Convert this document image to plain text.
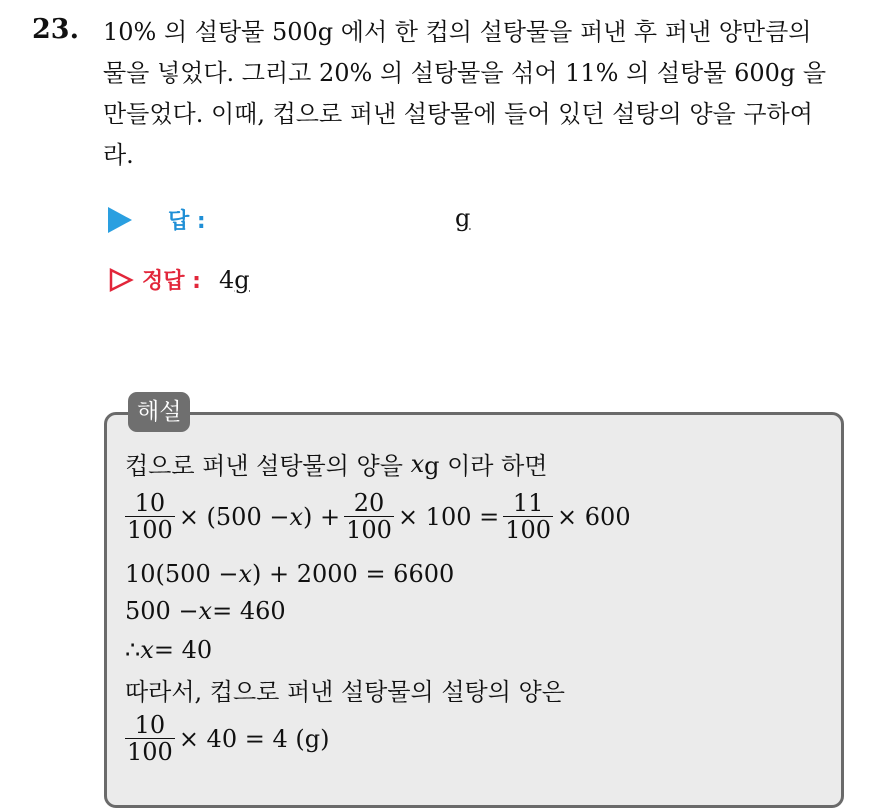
23. 10% 의 설탕물 500g 에서 한 컵의 설탕물을 퍼낸 후 퍼낸 양만큼의
물을 넣었다. 그리고 20% 의 설탕물을 섞어 11% 의 설탕물 600g 을
만들었다. 이때, 컵으로 퍼낸 설탕물에 들어 있던 설탕의 양을 구하여
라.
답 :	g
정답 : 4g
해설
컵으로 퍼낸 설탕물의 양을
x g 이라 하면
$\frac{10}{100} \times (500 - x$ ) + $\frac{20}{100} \times 100 = \frac{11}{100} \times 600$
10(500 − x ) + 2000 = 6600
500 − x = 460
∴ x = 40
따라서, 컵으로 퍼낸 설탕물의 설탕의 양은
$\frac{10}{100} \times 40 = 4$ (g)
